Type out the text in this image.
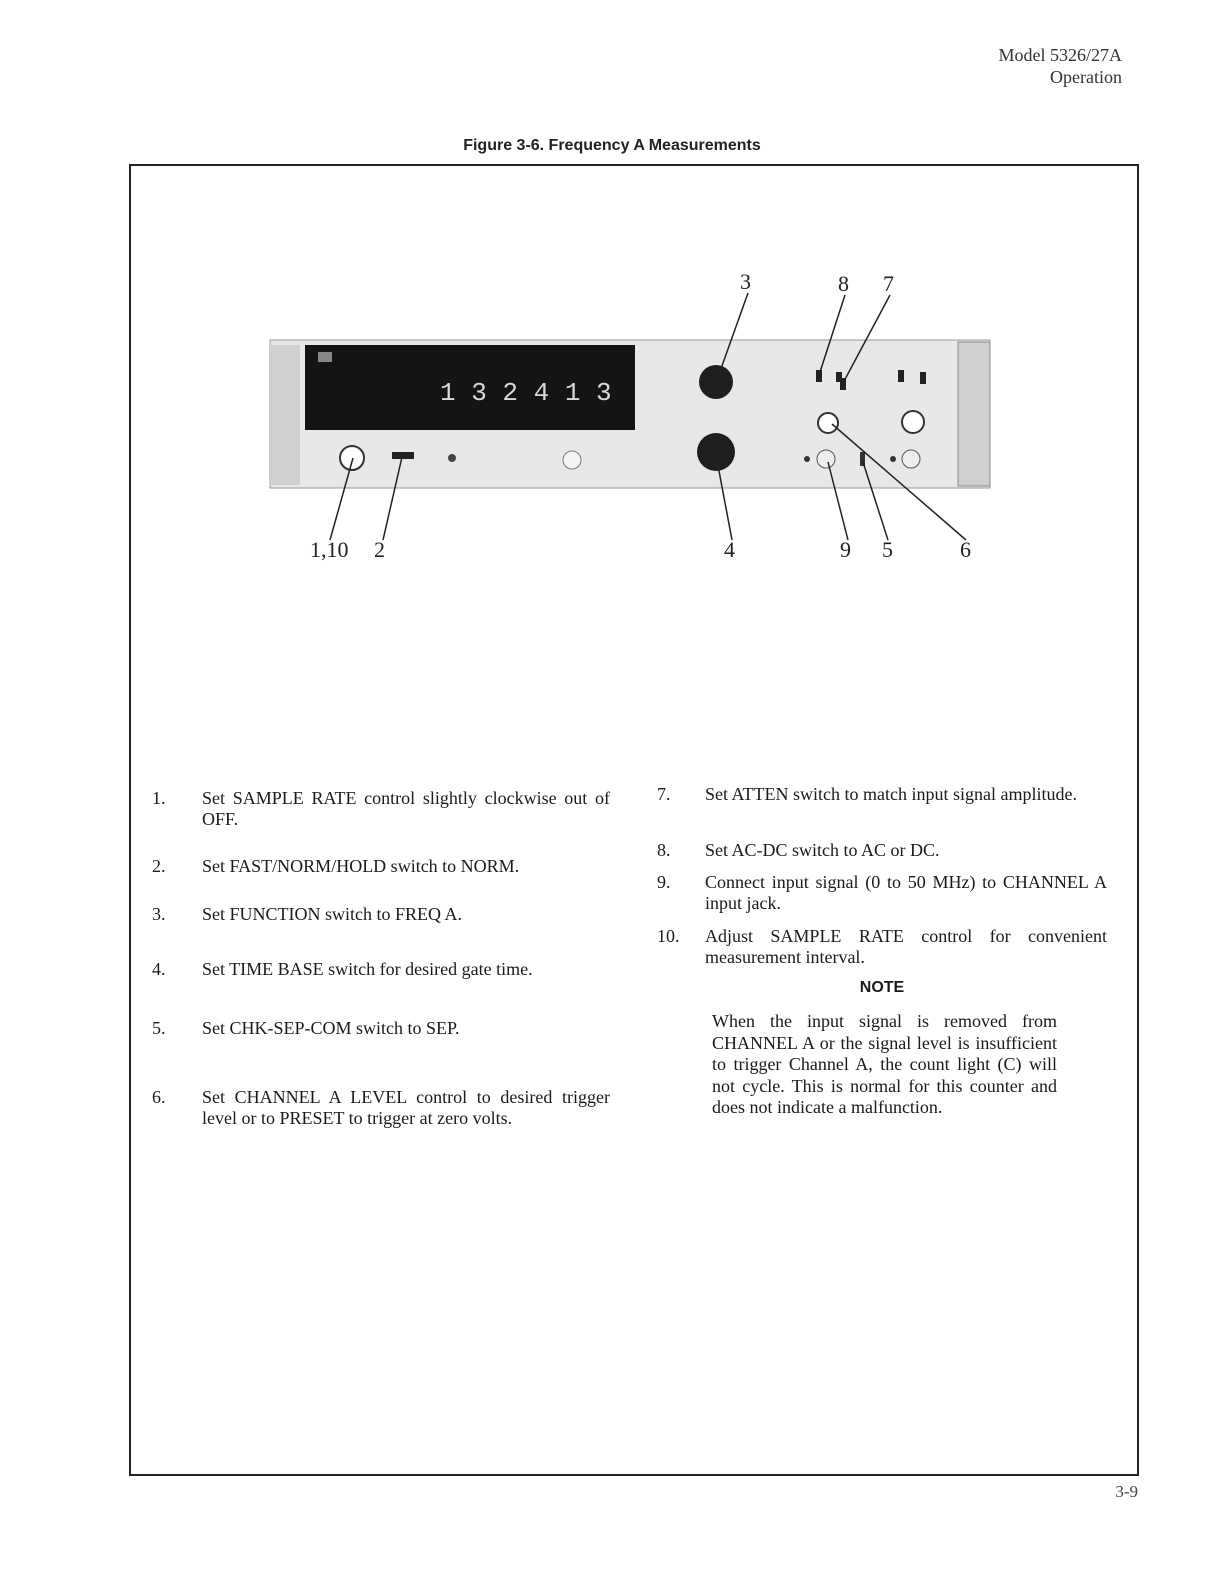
Model 5326/27A
Operation
Figure 3-6. Frequency A Measurements
1 3 2 4 1 3
3	8 7
1,10 2	4	9 5	6
1.	Set SAMPLE RATE control slightly clockwise out of OFF.
2.	Set FAST/NORM/HOLD switch to NORM.
3.	Set FUNCTION switch to FREQ A.
4.	Set TIME BASE switch for desired gate time.
5.	Set CHK-SEP-COM switch to SEP.
6.	Set CHANNEL A LEVEL control to desired trigger level or to PRESET to trigger at zero volts.
7.	Set ATTEN switch to match input signal amplitude.
8.	Set AC-DC switch to AC or DC.
9.	Connect input signal (0 to 50 MHz) to CHANNEL A input jack.
10.	Adjust SAMPLE RATE control for convenient measurement interval.
NOTE
When the input signal is removed from CHANNEL A or the signal level is insufficient to trigger Channel A, the count light (C) will not cycle. This is normal for this counter and does not indicate a malfunction.
3-9
